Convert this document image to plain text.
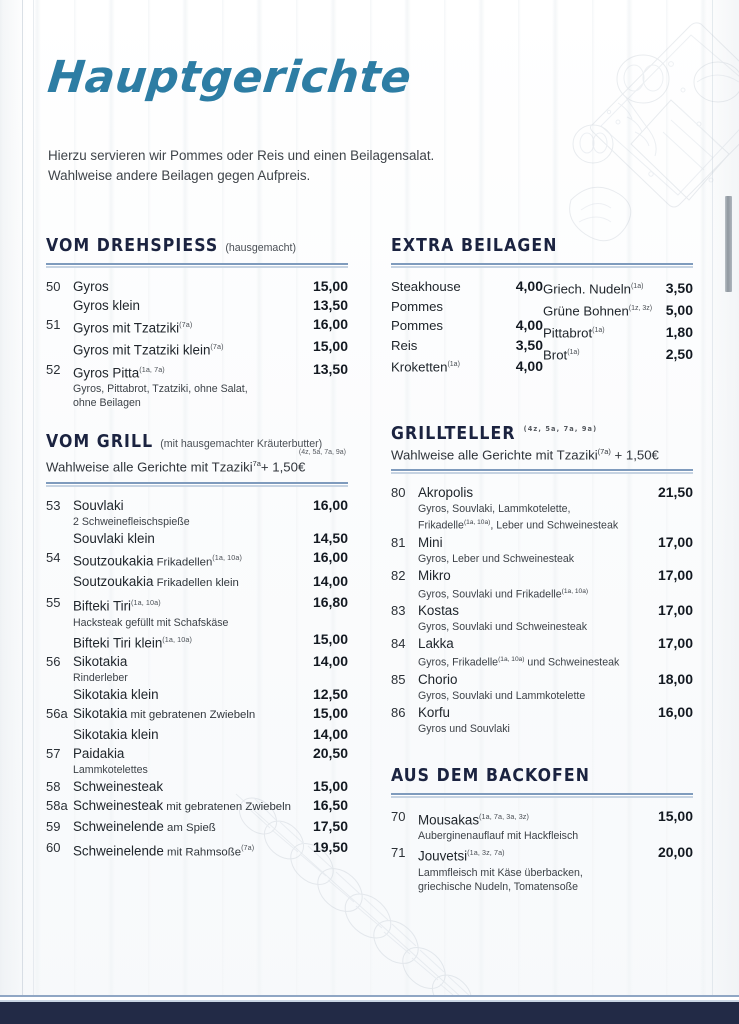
Hauptgerichte
Hierzu servieren wir Pommes oder Reis und einen Beilagensalat.
Wahlweise andere Beilagen gegen Aufpreis.
VOM DREHSPIESS (hausgemacht)
50	Gyros	15,00
	Gyros klein	13,50
51	Gyros mit Tzatziki$^{(7a)}$	16,00
	Gyros mit Tzatziki klein$^{(7a)}$	15,00
52	Gyros Pitta$^{(1a, 7a)}$	13,50
	Gyros, Pittabrot, Tzatziki, ohne Salat,
ohne Beilagen	
VOM GRILL (mit hausgemachter Kräuterbutter)
(4z, 5a, 7a, 9a)
Wahlweise alle Gerichte mit Tzaziki$^{7a}$+ 1,50€
53	Souvlaki	16,00
	2 Schweinefleischspieße	
	Souvlaki klein	14,50
54	Soutzoukakia Frikadellen$^{(1a, 10a)}$	16,00
	Soutzoukakia Frikadellen klein	14,00
55	Bifteki Tiri$^{(1a, 10a)}$	16,80
	Hacksteak gefüllt mit Schafskäse	
	Bifteki Tiri klein$^{(1a, 10a)}$	15,00
56	Sikotakia	14,00
	Rinderleber	
	Sikotakia klein	12,50
56a	Sikotakia mit gebratenen Zwiebeln	15,00
	Sikotakia klein	14,00
57	Paidakia	20,50
	Lammkotelettes	
58	Schweinesteak	15,00
58a	Schweinesteak mit gebratenen Zwiebeln	16,50
59	Schweinelende am Spieß	17,50
60	Schweinelende mit Rahmsoße$^{(7a)}$	19,50
EXTRA BEILAGEN
Steakhouse	4,00
Pommes
Pommes	4,00
Reis	3,50
Kroketten$^{(1a)}$	4,00
Griech. Nudeln$^{(1a)}$ 3,50
Grüne Bohnen$^{(1z, 3z)}$ 5,00
Pittabrot$^{(1a)}$	1,80
Brot$^{(1a)}$	2,50
GRILLTELLER (4z, 5a, 7a, 9a)
Wahlweise alle Gerichte mit Tzaziki$^{(7a)}$ + 1,50€
80	Akropolis	21,50
	Gyros, Souvlaki, Lammkotelette,
Frikadelle$^{(1a, 10a)}$, Leber und Schweinesteak	
81	Mini	17,00
	Gyros, Leber und Schweinesteak	
82	Mikro	17,00
	Gyros, Souvlaki und Frikadelle$^{(1a, 10a)}$
83	Kostas	17,00
	Gyros, Souvlaki und Schweinesteak	
84	Lakka	17,00
	Gyros, Frikadelle$^{(1a, 10a)}$ und Schweinesteak	
85	Chorio	18,00
	Gyros, Souvlaki und Lammkotelette	
86	Korfu	16,00
	Gyros und Souvlaki	
AUS DEM BACKOFEN
70	Mousakas$^{(1a, 7a, 3a, 3z)}$	15,00
	Auberginenauflauf mit Hackfleisch	
71	Jouvetsi$^{(1a, 3z, 7a)}$	20,00
	Lammfleisch mit Käse überbacken,
griechische Nudeln, Tomatensoße	
